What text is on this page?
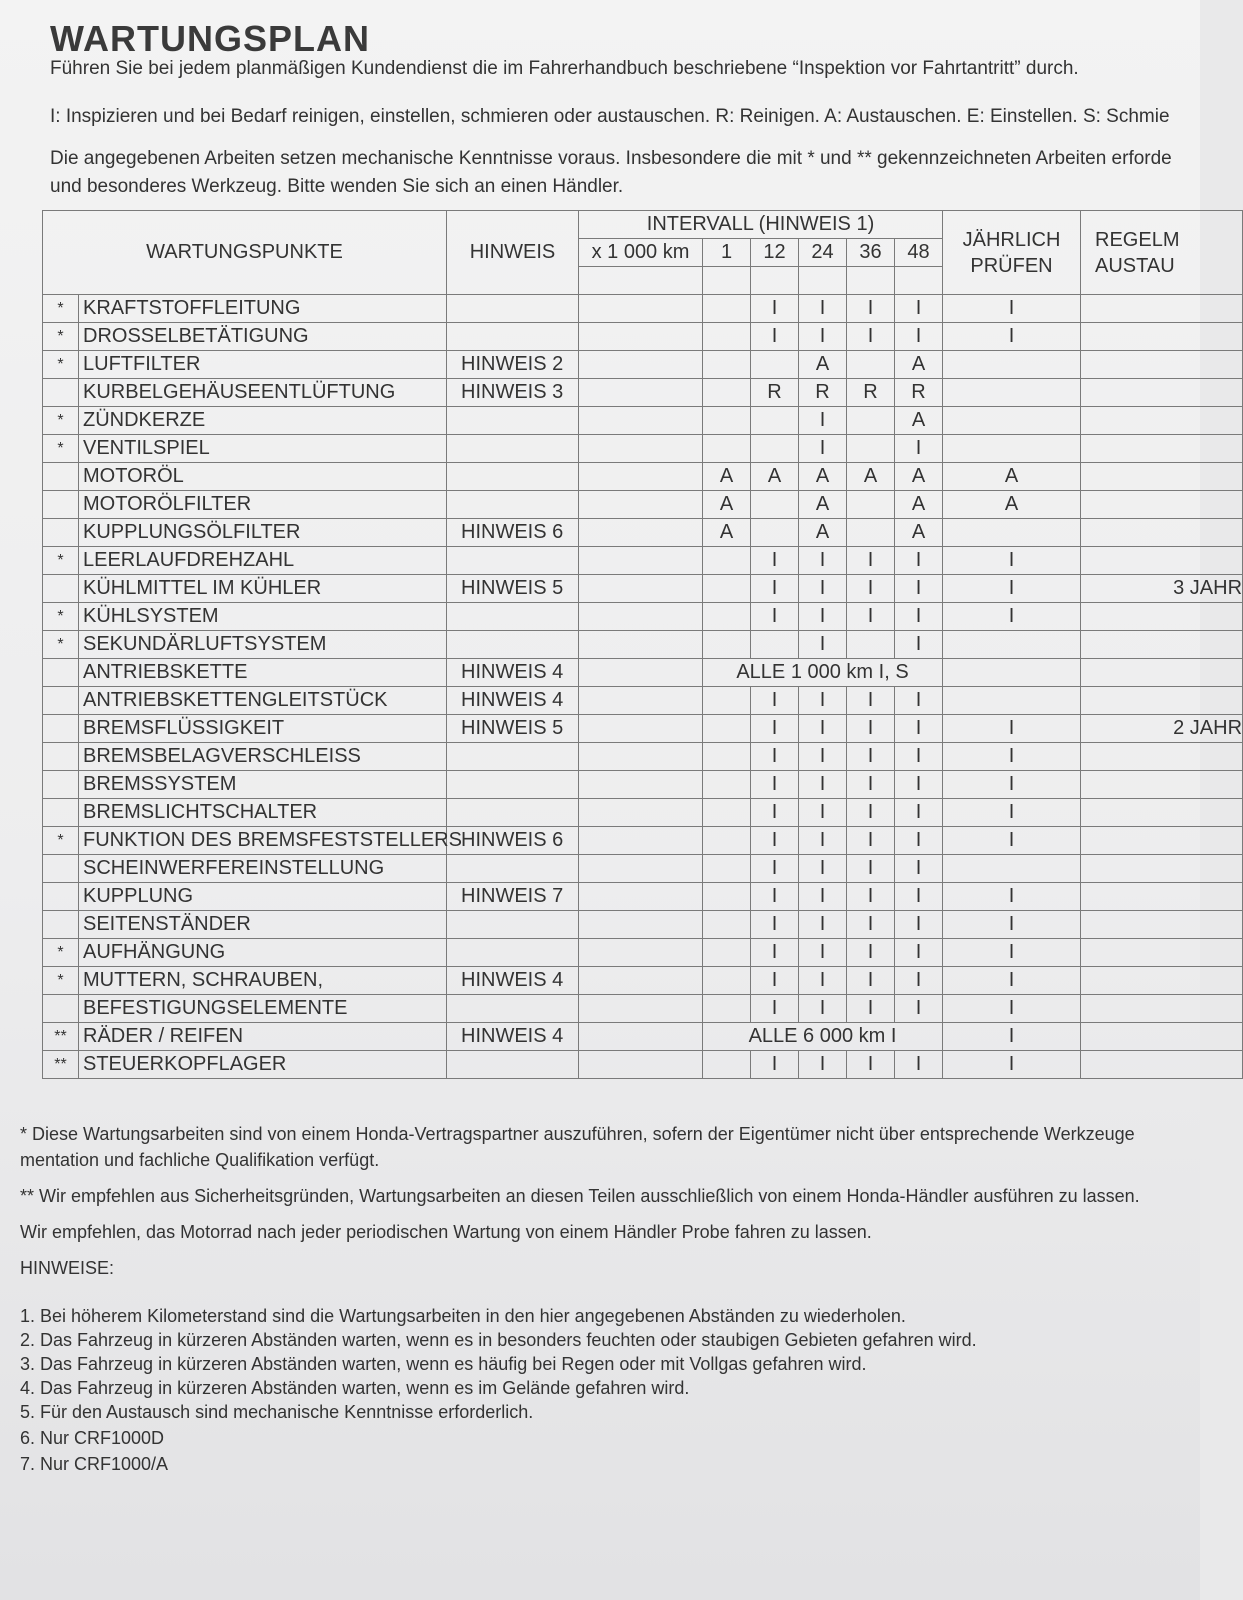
WARTUNGSPLAN
Führen Sie bei jedem planmäßigen Kundendienst die im Fahrerhandbuch beschriebene “Inspektion vor Fahrtantritt” durch.
I: Inspizieren und bei Bedarf reinigen, einstellen, schmieren oder austauschen. R: Reinigen. A: Austauschen. E: Einstellen. S: Schmie
Die angegebenen Arbeiten setzen mechanische Kenntnisse voraus. Insbesondere die mit * und ** gekennzeichneten Arbeiten erforde
und besonderes Werkzeug. Bitte wenden Sie sich an einen Händler.
WARTUNGSPUNKTE		HINWEIS	INTERVALL (HINWEIS 1)						JÄHRLICH PRÜFEN	REGELM AUSTAU
			x 1 000 km	1	12	24	36	48		

*	KRAFTSTOFFLEITUNG				I	I	I	I	I	
*	DROSSELBETÄTIGUNG				I	I	I	I	I	
*	LUFTFILTER	HINWEIS 2				A		A		
	KURBELGEHÄUSEENTLÜFTUNG	HINWEIS 3			R	R	R	R		
*	ZÜNDKERZE					I		A		
*	VENTILSPIEL					I		I		
	MOTORÖL			A	A	A	A	A	A	
	MOTORÖLFILTER			A		A		A	A	
	KUPPLUNGSÖLFILTER	HINWEIS 6		A		A		A		
*	LEERLAUFDREHZAHL				I	I	I	I	I	
	KÜHLMITTEL IM KÜHLER	HINWEIS 5			I	I	I	I	I	3 JAHR
*	KÜHLSYSTEM				I	I	I	I	I	
*	SEKUNDÄRLUFTSYSTEM					I		I		
	ANTRIEBSKETTE	HINWEIS 4		ALLE 1 000 km I, S						
	ANTRIEBSKETTENGLEITSTÜCK	HINWEIS 4			I	I	I	I		
	BREMSFLÜSSIGKEIT	HINWEIS 5			I	I	I	I	I	2 JAHR
	BREMSBELAGVERSCHLEISS				I	I	I	I	I	
	BREMSSYSTEM				I	I	I	I	I	
	BREMSLICHTSCHALTER				I	I	I	I	I	
*	FUNKTION DES BREMSFESTSTELLERS	HINWEIS 6			I	I	I	I	I	
	SCHEINWERFEREINSTELLUNG				I	I	I	I		
	KUPPLUNG	HINWEIS 7			I	I	I	I	I	
	SEITENSTÄNDER				I	I	I	I	I	
*	AUFHÄNGUNG				I	I	I	I	I	
*	MUTTERN, SCHRAUBEN,	HINWEIS 4			I	I	I	I	I	
	BEFESTIGUNGSELEMENTE				I	I	I	I	I	
**	RÄDER / REIFEN	HINWEIS 4		ALLE 6 000 km I					I	
**	STEUERKOPFLAGER				I	I	I	I	I	
* Diese Wartungsarbeiten sind von einem Honda-Vertragspartner auszuführen, sofern der Eigentümer nicht über entsprechende Werkzeuge
mentation und fachliche Qualifikation verfügt.
** Wir empfehlen aus Sicherheitsgründen, Wartungsarbeiten an diesen Teilen ausschließlich von einem Honda-Händler ausführen zu lassen.
Wir empfehlen, das Motorrad nach jeder periodischen Wartung von einem Händler Probe fahren zu lassen.
HINWEISE:
1. Bei höherem Kilometerstand sind die Wartungsarbeiten in den hier angegebenen Abständen zu wiederholen.
2. Das Fahrzeug in kürzeren Abständen warten, wenn es in besonders feuchten oder staubigen Gebieten gefahren wird.
3. Das Fahrzeug in kürzeren Abständen warten, wenn es häufig bei Regen oder mit Vollgas gefahren wird.
4. Das Fahrzeug in kürzeren Abständen warten, wenn es im Gelände gefahren wird.
5. Für den Austausch sind mechanische Kenntnisse erforderlich.
6. Nur CRF1000D
7. Nur CRF1000/A
